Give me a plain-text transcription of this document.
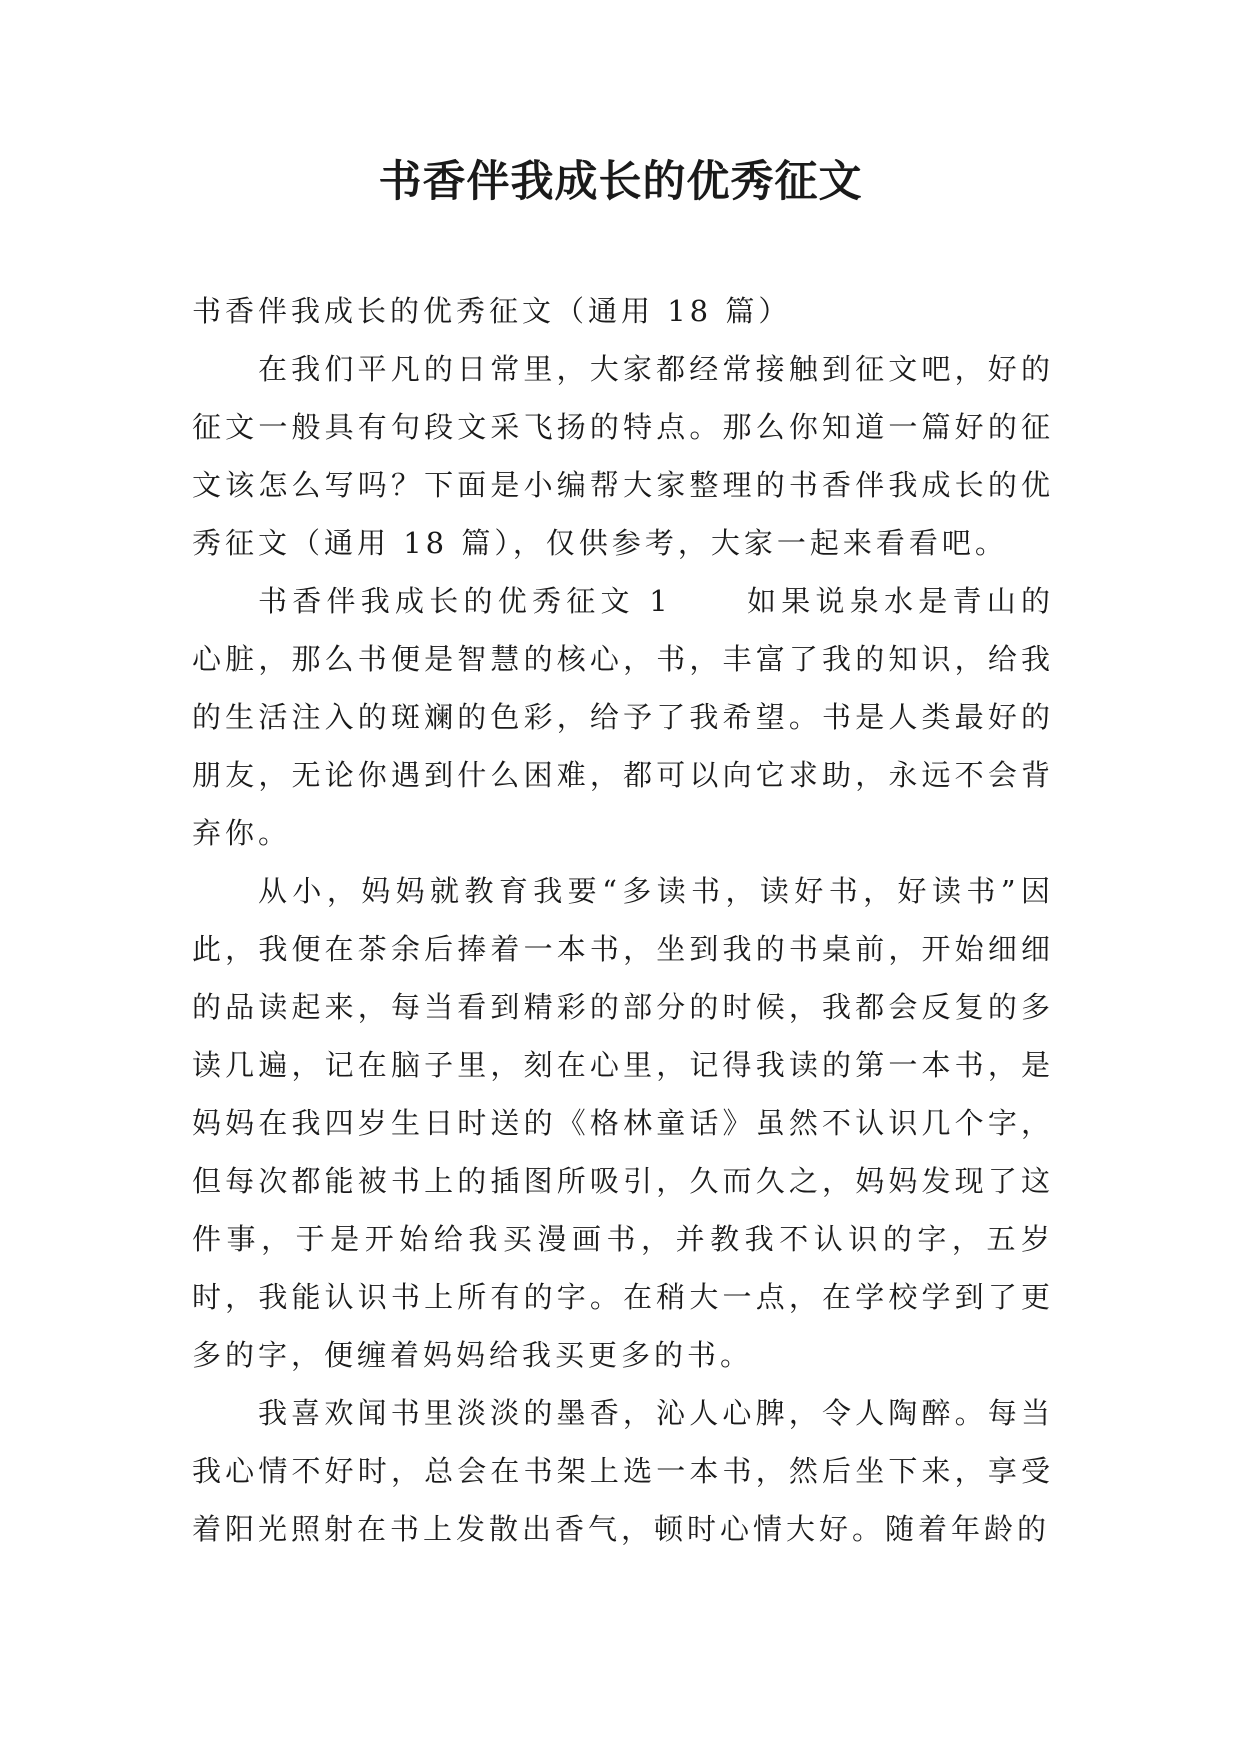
书香伴我成长的优秀征文

书香伴我成长的优秀征文（通用 18 篇）

在我们平凡的日常里，大家都经常接触到征文吧，好的征文一般具有句段文采飞扬的特点。那么你知道一篇好的征文该怎么写吗？下面是小编帮大家整理的书香伴我成长的优秀征文（通用 18 篇），仅供参考，大家一起来看看吧。

书香伴我成长的优秀征文 1	如果说泉水是青山的心脏，那么书便是智慧的核心，书，丰富了我的知识，给我的生活注入的斑斓的色彩，给予了我希望。书是人类最好的朋友，无论你遇到什么困难，都可以向它求助，永远不会背弃你。

从小，妈妈就教育我要“多读书，读好书，好读书”因此，我便在茶余后捧着一本书，坐到我的书桌前，开始细细的品读起来，每当看到精彩的部分的时候，我都会反复的多读几遍，记在脑子里，刻在心里，记得我读的第一本书，是妈妈在我四岁生日时送的《格林童话》虽然不认识几个字，但每次都能被书上的插图所吸引，久而久之，妈妈发现了这件事，于是开始给我买漫画书，并教我不认识的字，五岁时，我能认识书上所有的字。在稍大一点，在学校学到了更多的字，便缠着妈妈给我买更多的书。

我喜欢闻书里淡淡的墨香，沁人心脾，令人陶醉。每当我心情不好时，总会在书架上选一本书，然后坐下来，享受着阳光照射在书上发散出香气，顿时心情大好。随着年龄的
